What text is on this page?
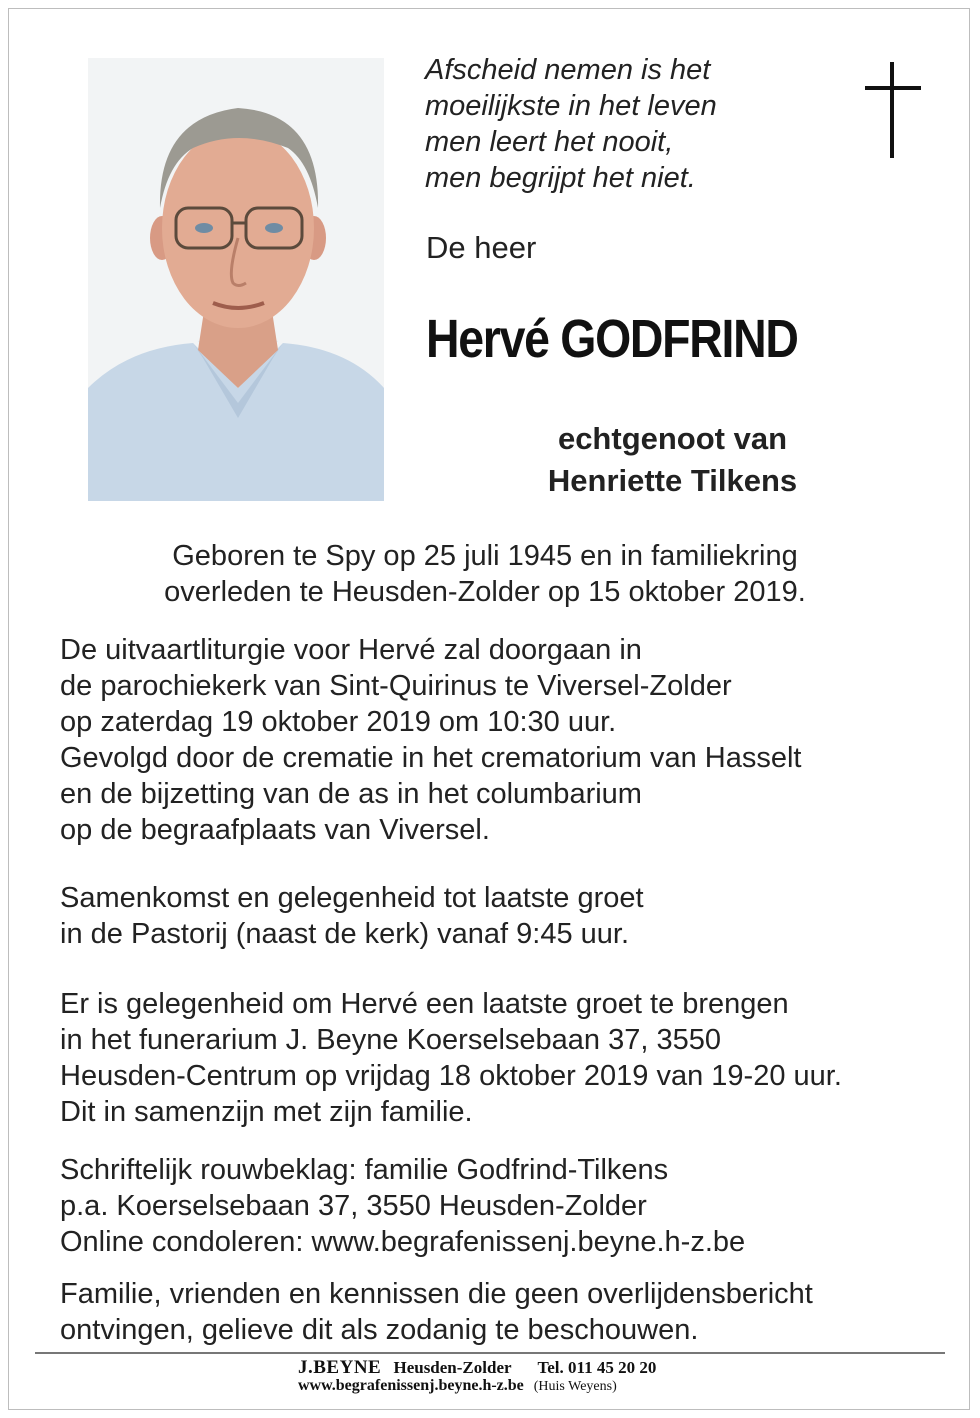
Afscheid nemen is het
moeilijkste in het leven
men leert het nooit,
men begrijpt het niet.
De heer
Hervé GODFRIND
echtgenoot van
Henriette Tilkens
Geboren te Spy op 25 juli 1945 en in familiekring
overleden te Heusden-Zolder op 15 oktober 2019.
De uitvaartliturgie voor Hervé zal doorgaan in
de parochiekerk van Sint-Quirinus te Viversel-Zolder
op zaterdag 19 oktober 2019 om 10:30 uur.
Gevolgd door de crematie in het crematorium van Hasselt
en de bijzetting van de as in het columbarium
op de begraafplaats van Viversel.
Samenkomst en gelegenheid tot laatste groet
in de Pastorij (naast de kerk) vanaf 9:45 uur.
Er is gelegenheid om Hervé een laatste groet te brengen
in het funerarium J. Beyne Koerselsebaan 37, 3550
Heusden-Centrum op vrijdag 18 oktober 2019 van 19-20 uur.
Dit in samenzijn met zijn familie.
Schriftelijk rouwbeklag: familie Godfrind-Tilkens
p.a. Koerselsebaan 37, 3550 Heusden-Zolder
Online condoleren: www.begrafenissenj.beyne.h-z.be
Familie, vrienden en kennissen die geen overlijdensbericht
ontvingen, gelieve dit als zodanig te beschouwen.
J.BEYNE Heusden-Zolder Tel. 011 45 20 20
www.begrafenissenj.beyne.h-z.be (Huis Weyens)
